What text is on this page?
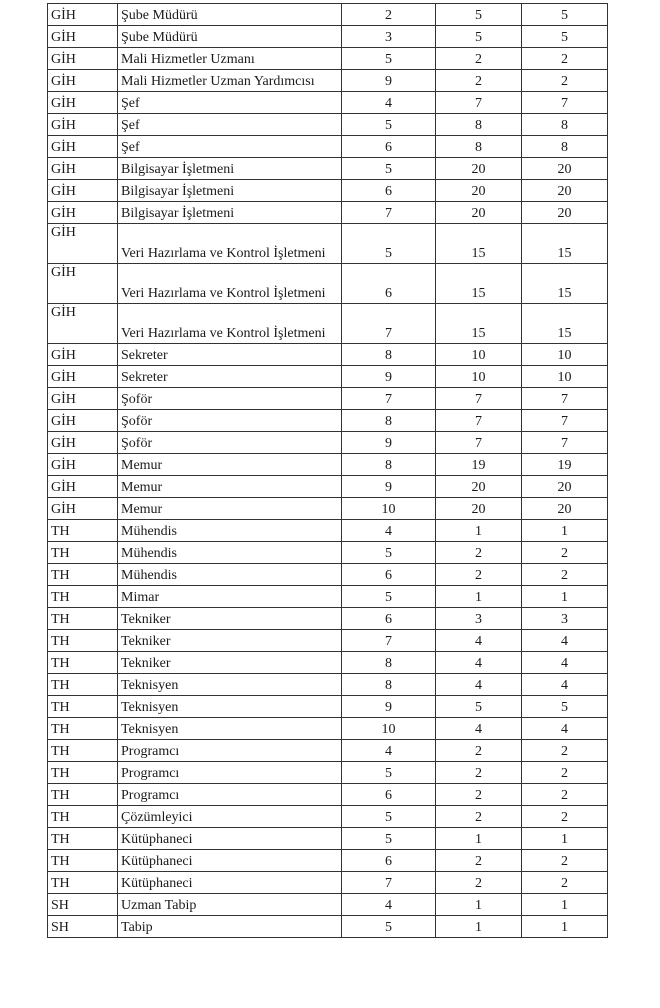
GİH	Şube Müdürü	2	5	5
GİH	Şube Müdürü	3	5	5
GİH	Mali Hizmetler Uzmanı	5	2	2
GİH	Mali Hizmetler Uzman Yardımcısı	9	2	2
GİH	Şef	4	7	7
GİH	Şef	5	8	8
GİH	Şef	6	8	8
GİH	Bilgisayar İşletmeni	5	20	20
GİH	Bilgisayar İşletmeni	6	20	20
GİH	Bilgisayar İşletmeni	7	20	20
GİH	Veri Hazırlama ve Kontrol İşletmeni	5	15	15
GİH	Veri Hazırlama ve Kontrol İşletmeni	6	15	15
GİH	Veri Hazırlama ve Kontrol İşletmeni	7	15	15
GİH	Sekreter	8	10	10
GİH	Sekreter	9	10	10
GİH	Şoför	7	7	7
GİH	Şoför	8	7	7
GİH	Şoför	9	7	7
GİH	Memur	8	19	19
GİH	Memur	9	20	20
GİH	Memur	10	20	20
TH	Mühendis	4	1	1
TH	Mühendis	5	2	2
TH	Mühendis	6	2	2
TH	Mimar	5	1	1
TH	Tekniker	6	3	3
TH	Tekniker	7	4	4
TH	Tekniker	8	4	4
TH	Teknisyen	8	4	4
TH	Teknisyen	9	5	5
TH	Teknisyen	10	4	4
TH	Programcı	4	2	2
TH	Programcı	5	2	2
TH	Programcı	6	2	2
TH	Çözümleyici	5	2	2
TH	Kütüphaneci	5	1	1
TH	Kütüphaneci	6	2	2
TH	Kütüphaneci	7	2	2
SH	Uzman Tabip	4	1	1
SH	Tabip	5	1	1
